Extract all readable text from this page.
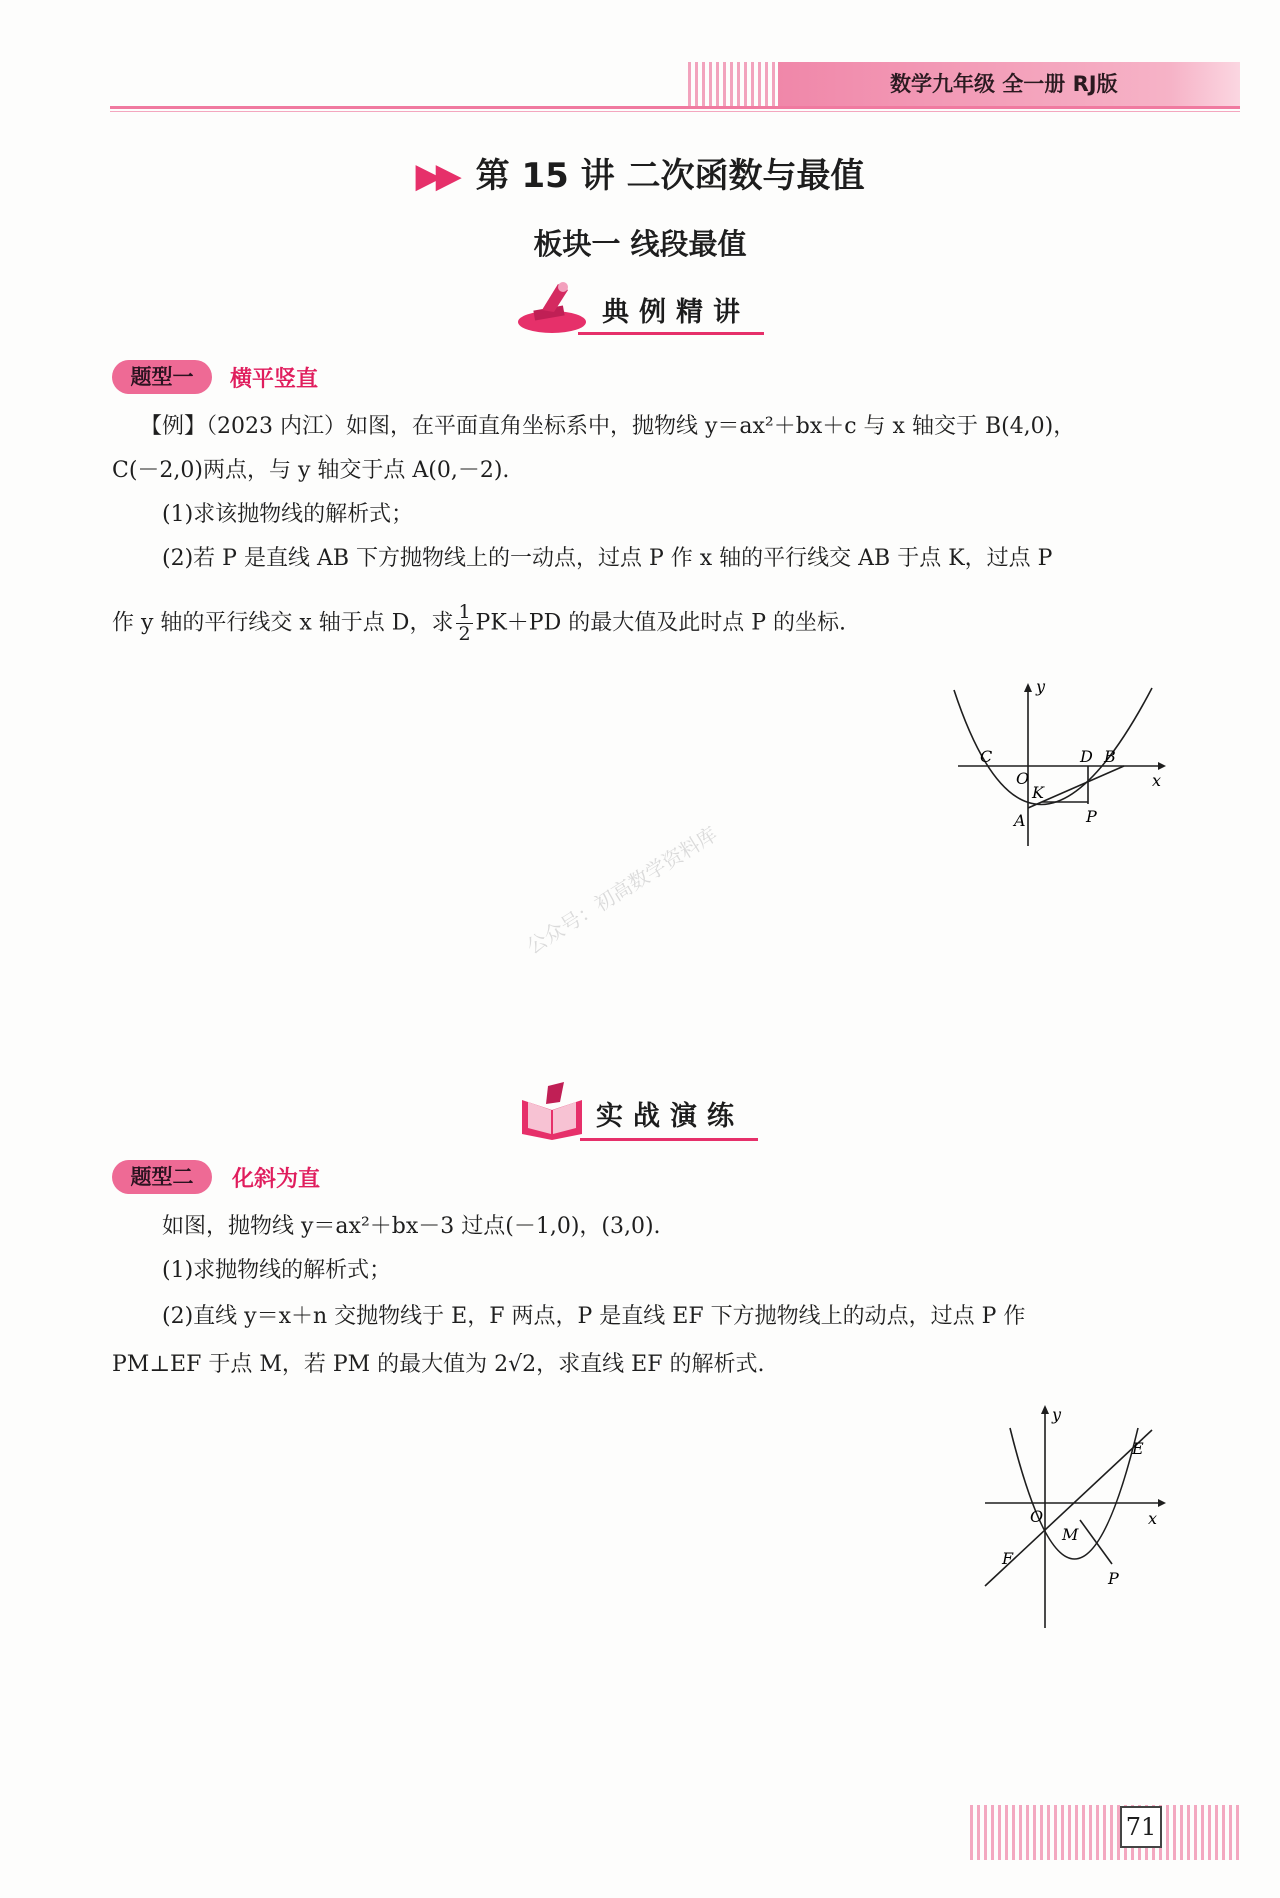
数学九年级 全一册 RJ版
▶▶ 第 15 讲 二次函数与最值
板块一 线段最值
典例精讲
题型一	横平竖直
【例】（2023 内江）如图，在平面直角坐标系中，抛物线 y＝ax²＋bx＋c 与 x 轴交于 B(4,0)，
C(－2,0)两点，与 y 轴交于点 A(0,－2).
(1)求该抛物线的解析式；
(2)若 P 是直线 AB 下方抛物线上的一动点，过点 P 作 x 轴的平行线交 AB 于点 K，过点 P
作 y 轴的平行线交 x 轴于点 D，求 $\frac{1}{2} PK+PD$ 的最大值及此时点 P 的坐标.
y
x
C
O
D B
K
A	P
公众号：初高数学资料库
实战演练
题型二	化斜为直
如图，抛物线 y＝ax²＋bx－3 过点(－1,0)，(3,0).
(1)求抛物线的解析式；
(2)直线 y＝x＋n 交抛物线于 E，F 两点，P 是直线 EF 下方抛物线上的动点，过点 P 作
PM⊥EF 于点 M，若 PM 的最大值为 2√2，求直线 EF 的解析式.
y
x
E
O
F
M
P
71
